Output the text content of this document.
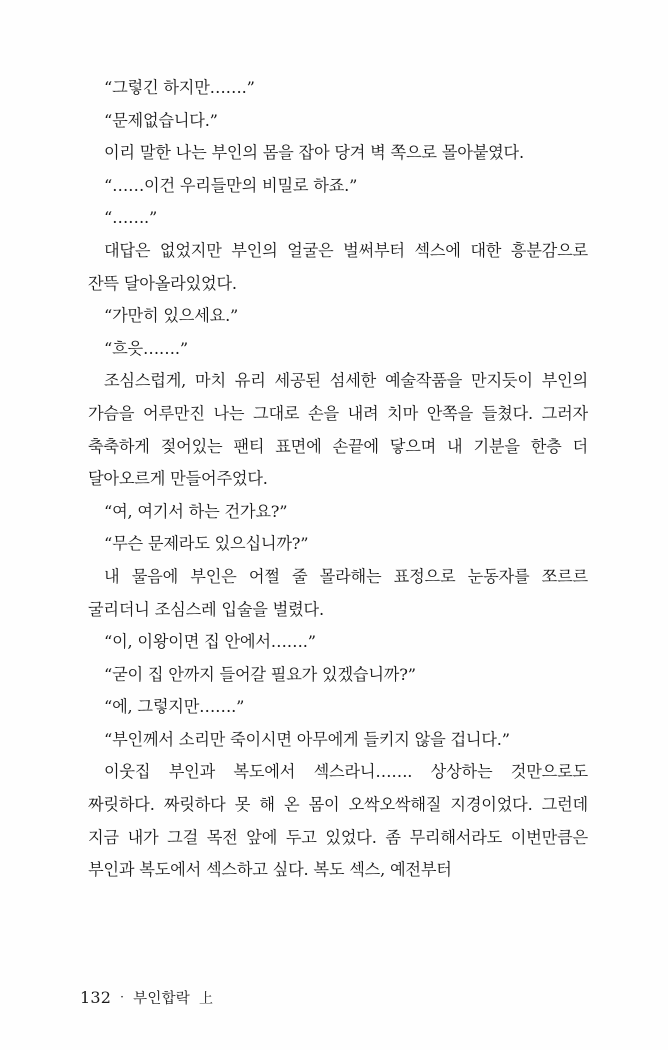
“그렇긴 하지만…….”

“문제없습니다.”

이리 말한 나는 부인의 몸을 잡아 당겨 벽 쪽으로 몰아붙였다.

“……이건 우리들만의 비밀로 하죠.”

“…….”

대답은 없었지만 부인의 얼굴은 벌써부터 섹스에 대한 흥분감으로 잔뜩 달아올라있었다.

“가만히 있으세요.”

“흐읏…….”

조심스럽게, 마치 유리 세공된 섬세한 예술작품을 만지듯이 부인의 가슴을 어루만진 나는 그대로 손을 내려 치마 안쪽을 들쳤다. 그러자 축축하게 젖어있는 팬티 표면에 손끝에 닿으며 내 기분을 한층 더 달아오르게 만들어주었다.

“여, 여기서 하는 건가요?”

“무슨 문제라도 있으십니까?”

내 물음에 부인은 어쩔 줄 몰라해는 표정으로 눈동자를 쪼르르 굴리더니 조심스레 입술을 벌렸다.

“이, 이왕이면 집 안에서…….”

“굳이 집 안까지 들어갈 필요가 있겠습니까?”

“에, 그렇지만…….”

“부인께서 소리만 죽이시면 아무에게 들키지 않을 겁니다.”

이웃집 부인과 복도에서 섹스라니……. 상상하는 것만으로도 짜릿하다. 짜릿하다 못 해 온 몸이 오싹오싹해질 지경이었다. 그런데 지금 내가 그걸 목전 앞에 두고 있었다. 좀 무리해서라도 이번만큼은 부인과 복도에서 섹스하고 싶다. 복도 섹스, 예전부터

132 · 부인합락 上
